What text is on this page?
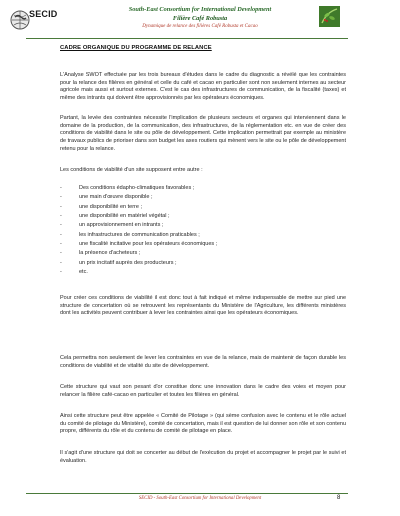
SECID	South-East Consortium for International Development
Filière Café Robusta
Dynamique de relance des filières Café Robusta et Cacao
CADRE ORGANIQUE DU PROGRAMME DE RELANCE

L'Analyse SWOT effectuée par les trois bureaux d'études dans le cadre du diagnostic a révélé que les contraintes pour la relance des filières en général et celle du café et cacao en particulier sont non seulement internes au secteur agricole mais aussi et surtout externes. C'est le cas des infrastructures de communication, de la fiscalité (taxes) et même des intrants qui doivent être approvisionnés par les opérateurs économiques.

Partant, la levée des contraintes nécessite l'implication de plusieurs secteurs et organes qui interviennent dans le domaine de la production, de la communication, des infrastructures, de la réglementation etc. en vue de créer des conditions de viabilité dans le site ou pôle de développement. Cette implication permettrait par exemple au ministère de travaux publics de prioriser dans son budget les axes routiers qui mènent vers le site ou le pôle de développement retenu pour la relance.

Les conditions de viabilité d'un site supposent entre autre :

-	Des conditions édapho-climatiques favorables ;
-	une main d'œuvre disponible ;
-	une disponibilité en terre ;
-	une disponibilité en matériel végétal ;
-	un approvisionnement en intrants ;
-	les infrastructures de communication praticables ;
-	une fiscalité incitative pour les opérateurs économiques ;
-	la présence d'acheteurs ;
-	un prix incitatif auprès des producteurs ;
-	etc.

Pour créer ces conditions de viabilité il est donc tout à fait indiqué et même indispensable de mettre sur pied une structure de concertation où se retrouvent les représentants du Ministère de l'Agriculture, les différents ministères dont les activités peuvent contribuer à lever les contraintes ainsi que les opérateurs économiques.

Cela permettra non seulement de lever les contraintes en vue de la relance, mais de maintenir de façon durable les conditions de viabilité et de vitalité du site de développement.

Cette structure qui vaut son pesant d'or constitue donc une innovation dans le cadre des voies et moyen pour relancer la filière café-cacao en particulier et toutes les filières en général.

Ainsi cette structure peut être appelée « Comité de Pilotage » (qui sème confusion avec le contenu et le rôle actuel du comité de pilotage du Ministère), comité de concertation, mais il est question de lui donner son rôle et son contenu propre, différents du rôle et du contenu de comité de pilotage en place.

Il s'agit d'une structure qui doit se concerter au début de l'exécution du projet et accompagner le projet par le suivi et évaluation.

SECID - South-East Consortium for International Development	8
